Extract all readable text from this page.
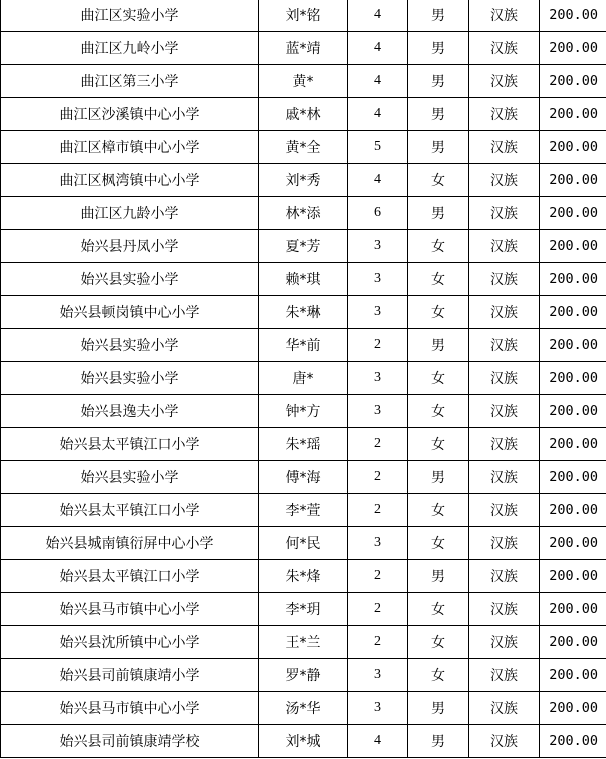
曲江区实验小学	刘*铭	4	男	汉族	200.00
曲江区九岭小学	蓝*靖	4	男	汉族	200.00
曲江区第三小学	黄*	4	男	汉族	200.00
曲江区沙溪镇中心小学	戚*林	4	男	汉族	200.00
曲江区樟市镇中心小学	黄*全	5	男	汉族	200.00
曲江区枫湾镇中心小学	刘*秀	4	女	汉族	200.00
曲江区九龄小学	林*添	6	男	汉族	200.00
始兴县丹凤小学	夏*芳	3	女	汉族	200.00
始兴县实验小学	赖*琪	3	女	汉族	200.00
始兴县顿岗镇中心小学	朱*琳	3	女	汉族	200.00
始兴县实验小学	华*前	2	男	汉族	200.00
始兴县实验小学	唐*	3	女	汉族	200.00
始兴县逸夫小学	钟*方	3	女	汉族	200.00
始兴县太平镇江口小学	朱*瑶	2	女	汉族	200.00
始兴县实验小学	傅*海	2	男	汉族	200.00
始兴县太平镇江口小学	李*萱	2	女	汉族	200.00
始兴县城南镇衍屏中心小学	何*民	3	女	汉族	200.00
始兴县太平镇江口小学	朱*烽	2	男	汉族	200.00
始兴县马市镇中心小学	李*玥	2	女	汉族	200.00
始兴县沈所镇中心小学	王*兰	2	女	汉族	200.00
始兴县司前镇康靖小学	罗*静	3	女	汉族	200.00
始兴县马市镇中心小学	汤*华	3	男	汉族	200.00
始兴县司前镇康靖学校	刘*城	4	男	汉族	200.00
